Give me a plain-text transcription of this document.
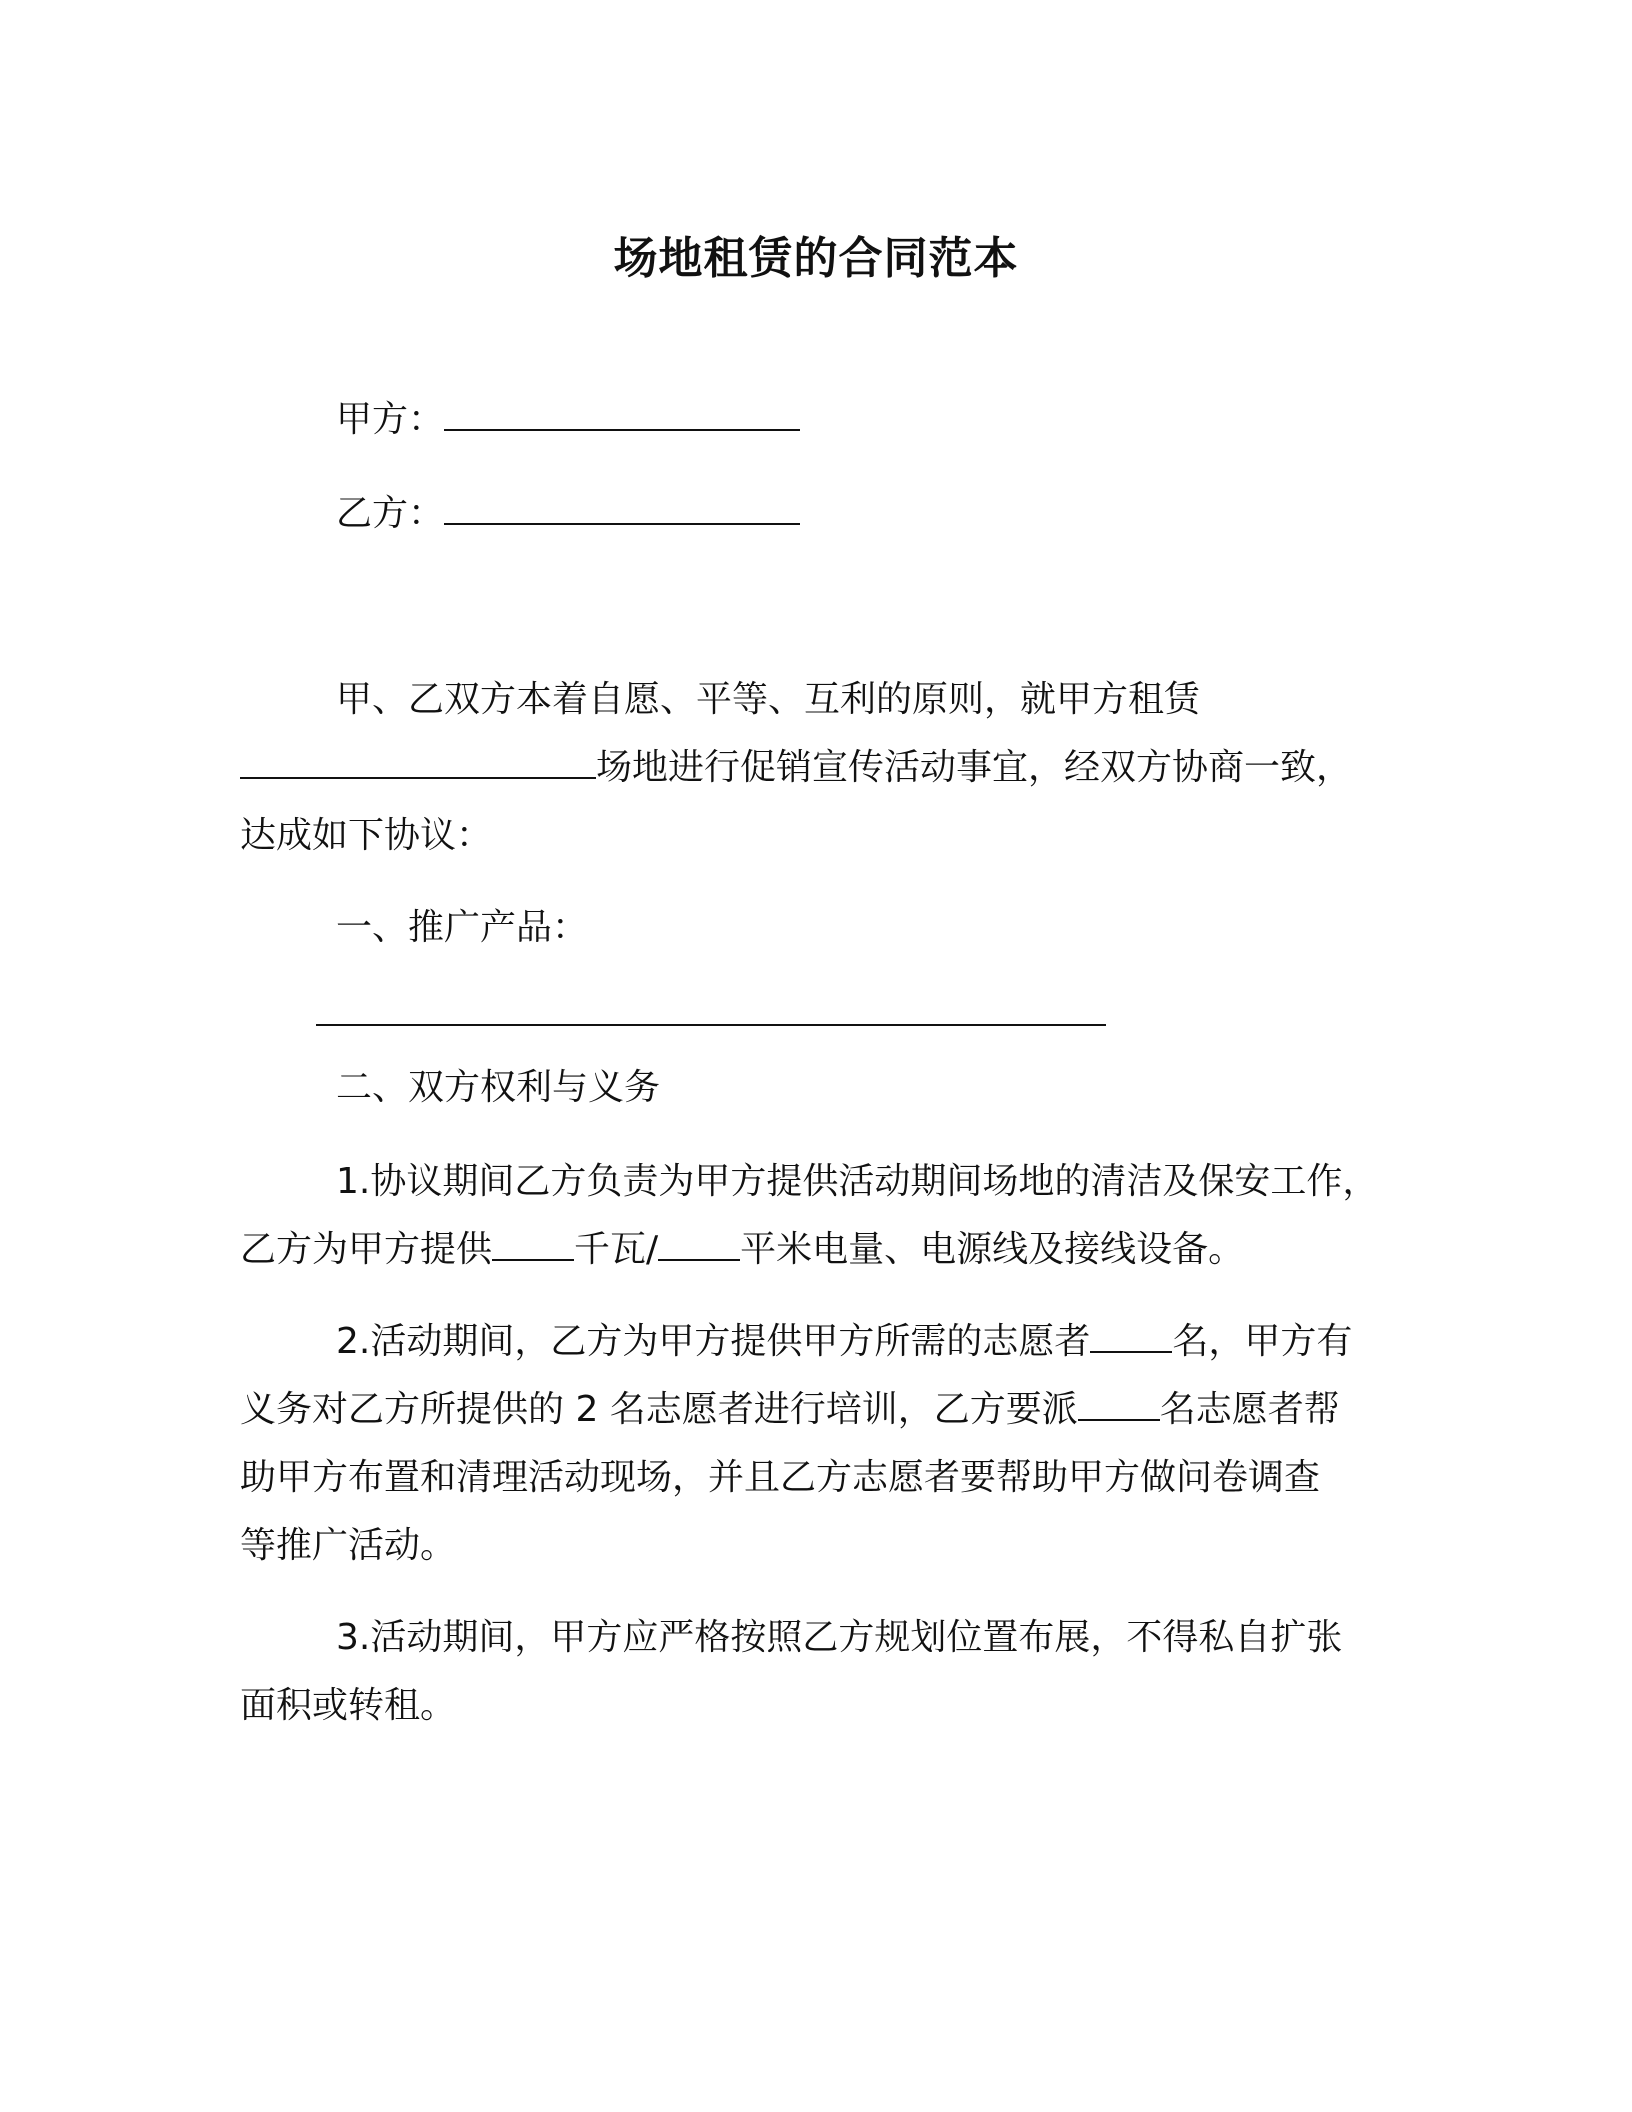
场地租赁的合同范本
甲方：
乙方：
甲、乙双方本着自愿、平等、互利的原则，就甲方租赁
场地进行促销宣传活动事宜，经双方协商一致，
达成如下协议：
一、推广产品：
二、双方权利与义务
1.协议期间乙方负责为甲方提供活动期间场地的清洁及保安工作，
乙方为甲方提供 千瓦/ 平米电量、电源线及接线设备。
2.活动期间，乙方为甲方提供甲方所需的志愿者 名，甲方有
义务对乙方所提供的 2 名志愿者进行培训，乙方要派 名志愿者帮
助甲方布置和清理活动现场，并且乙方志愿者要帮助甲方做问卷调查
等推广活动。
3.活动期间，甲方应严格按照乙方规划位置布展，不得私自扩张
面积或转租。
